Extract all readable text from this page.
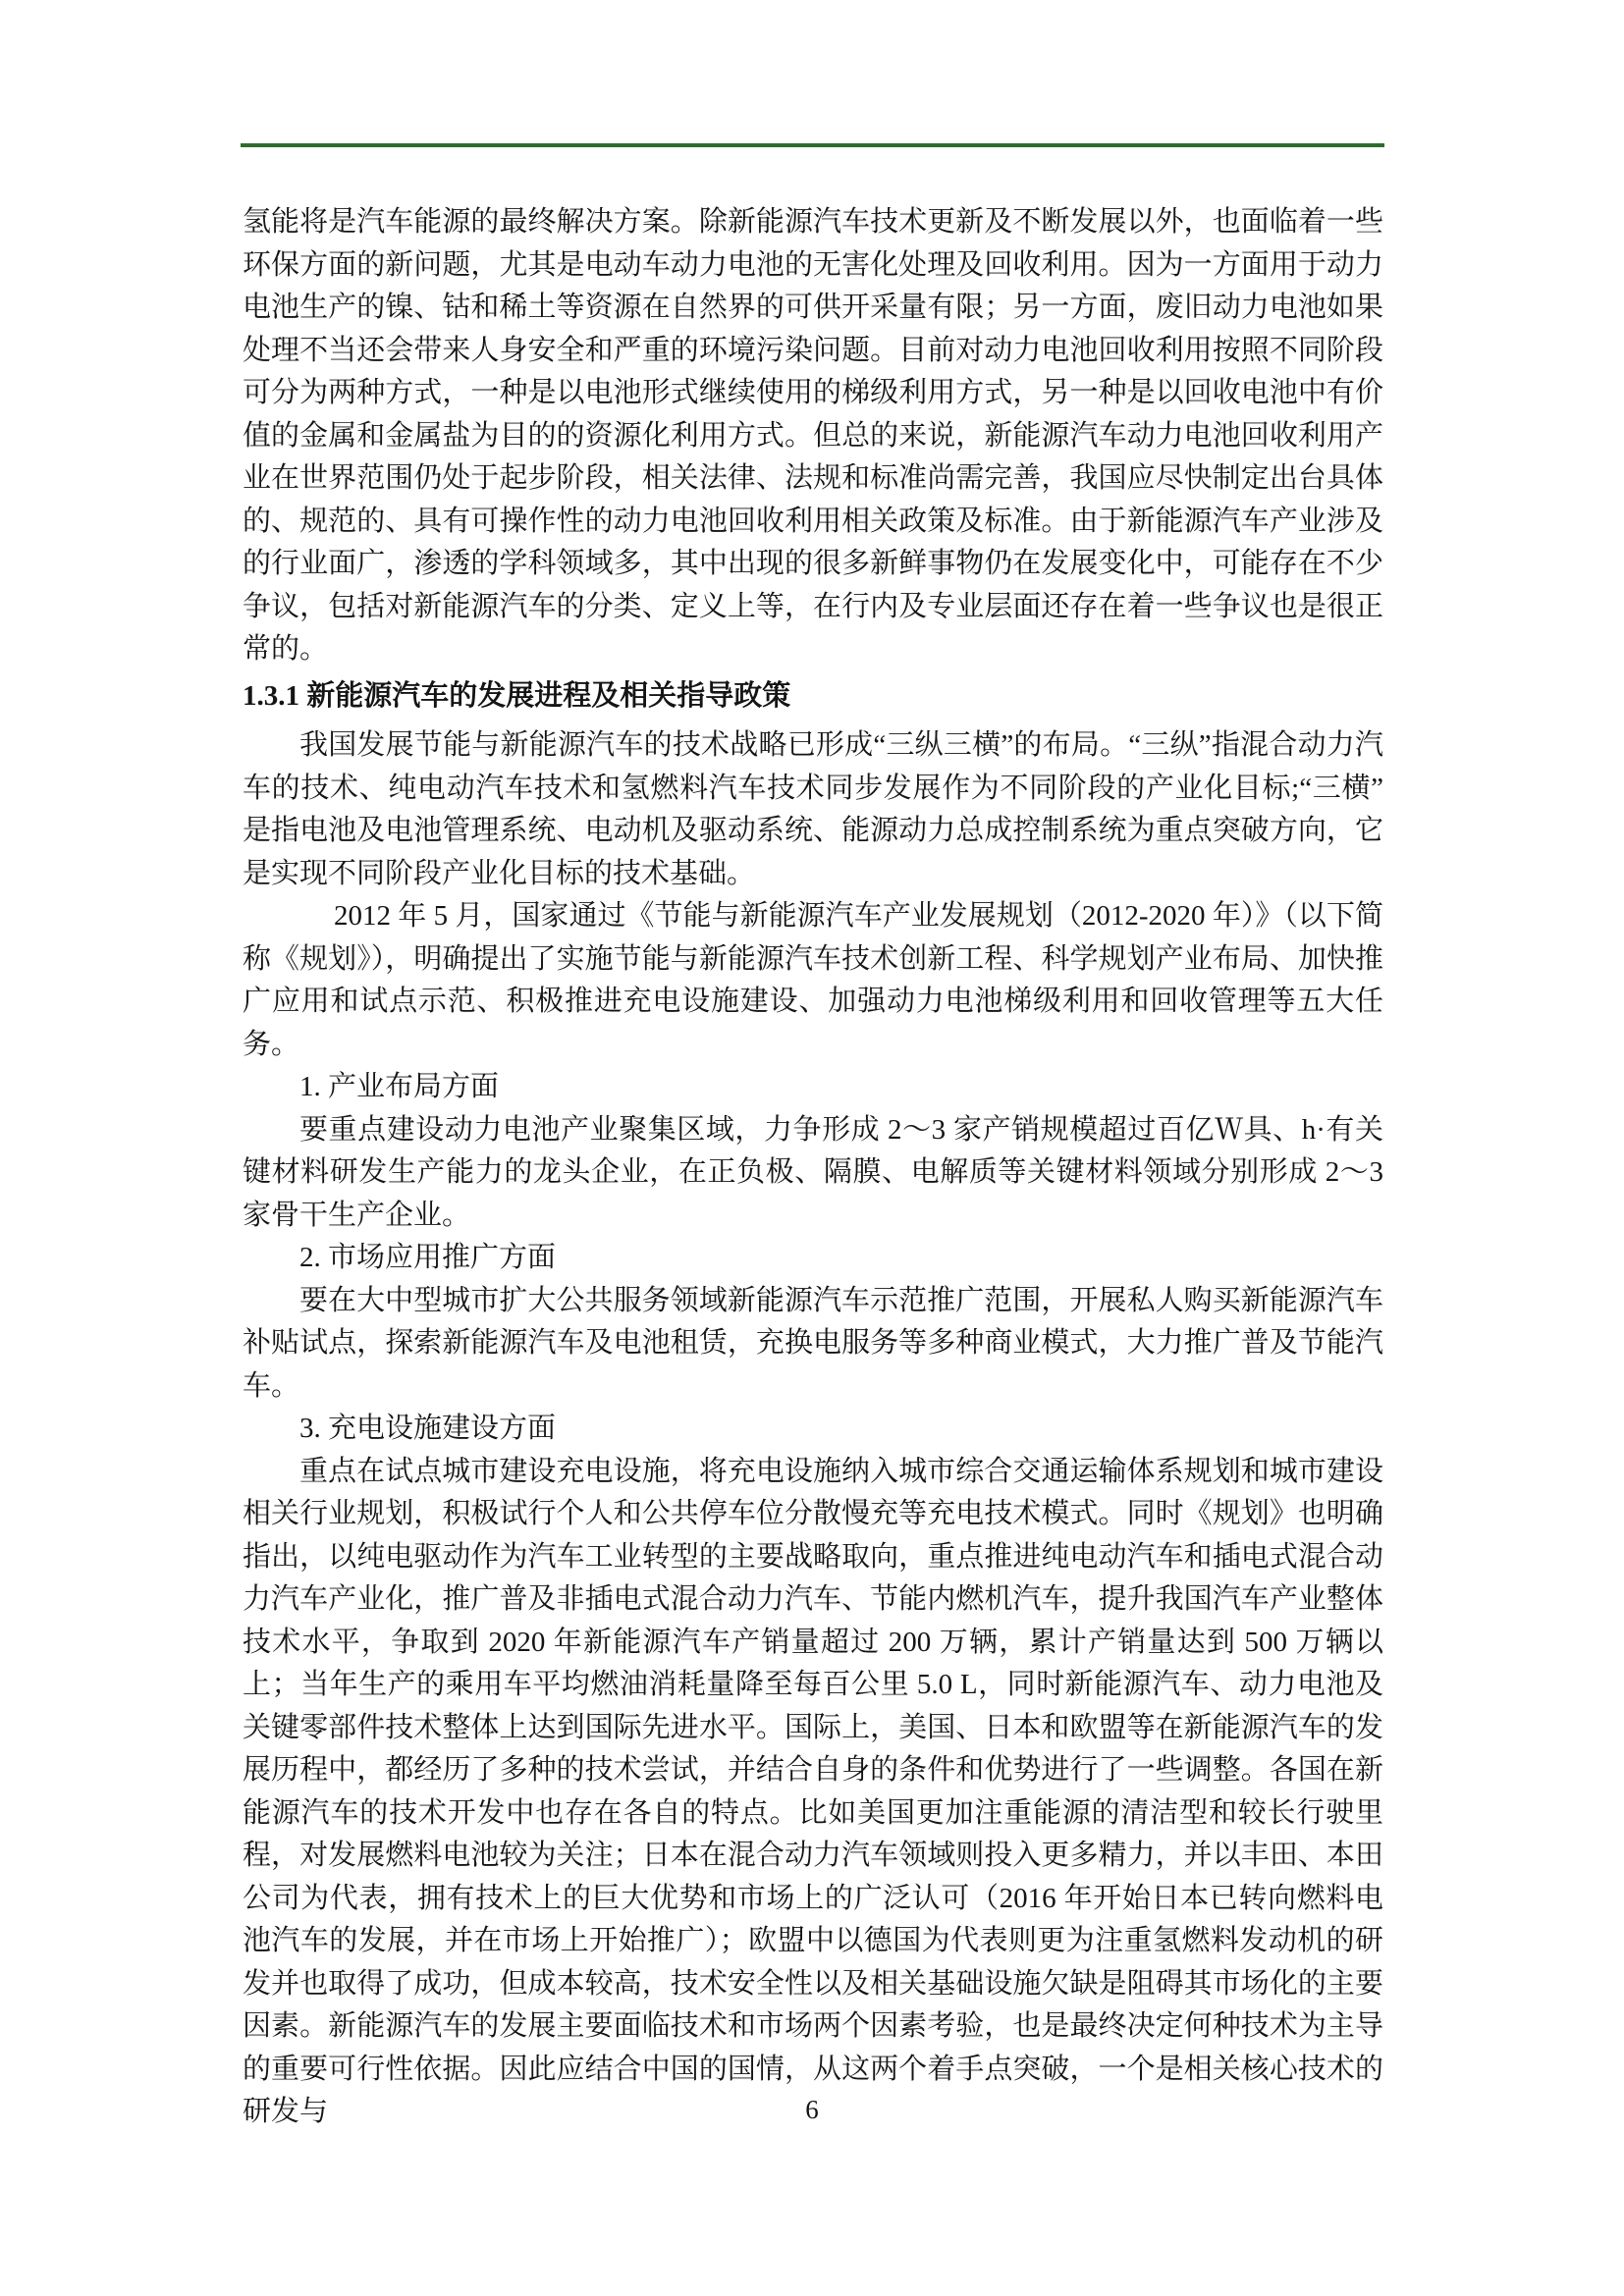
氢能将是汽车能源的最终解决方案。除新能源汽车技术更新及不断发展以外，也面临着一些环保方面的新问题，尤其是电动车动力电池的无害化处理及回收利用。因为一方面用于动力电池生产的镍、钴和稀土等资源在自然界的可供开采量有限；另一方面，废旧动力电池如果处理不当还会带来人身安全和严重的环境污染问题。目前对动力电池回收利用按照不同阶段可分为两种方式，一种是以电池形式继续使用的梯级利用方式，另一种是以回收电池中有价值的金属和金属盐为目的的资源化利用方式。但总的来说，新能源汽车动力电池回收利用产业在世界范围仍处于起步阶段，相关法律、法规和标准尚需完善，我国应尽快制定出台具体的、规范的、具有可操作性的动力电池回收利用相关政策及标准。由于新能源汽车产业涉及的行业面广，渗透的学科领域多，其中出现的很多新鲜事物仍在发展变化中，可能存在不少争议，包括对新能源汽车的分类、定义上等，在行内及专业层面还存在着一些争议也是很正常的。

1.3.1 新能源汽车的发展进程及相关指导政策

我国发展节能与新能源汽车的技术战略已形成“三纵三横”的布局。“三纵”指混合动力汽车的技术、纯电动汽车技术和氢燃料汽车技术同步发展作为不同阶段的产业化目标;“三横”是指电池及电池管理系统、电动机及驱动系统、能源动力总成控制系统为重点突破方向，它是实现不同阶段产业化目标的技术基础。

2012 年 5 月，国家通过《节能与新能源汽车产业发展规划（2012-2020 年）》（以下简称《规划》），明确提出了实施节能与新能源汽车技术创新工程、科学规划产业布局、加快推广应用和试点示范、积极推进充电设施建设、加强动力电池梯级利用和回收管理等五大任务。

1. 产业布局方面

要重点建设动力电池产业聚集区域，力争形成 2～3 家产销规模超过百亿Ｗ具、h·有关键材料研发生产能力的龙头企业，在正负极、隔膜、电解质等关键材料领域分别形成 2～3 家骨干生产企业。

2. 市场应用推广方面

要在大中型城市扩大公共服务领域新能源汽车示范推广范围，开展私人购买新能源汽车补贴试点，探索新能源汽车及电池租赁，充换电服务等多种商业模式，大力推广普及节能汽车。

3. 充电设施建设方面

重点在试点城市建设充电设施，将充电设施纳入城市综合交通运输体系规划和城市建设相关行业规划，积极试行个人和公共停车位分散慢充等充电技术模式。同时《规划》也明确指出，以纯电驱动作为汽车工业转型的主要战略取向，重点推进纯电动汽车和插电式混合动力汽车产业化，推广普及非插电式混合动力汽车、节能内燃机汽车，提升我国汽车产业整体技术水平，争取到 2020 年新能源汽车产销量超过 200 万辆，累计产销量达到 500 万辆以上；当年生产的乘用车平均燃油消耗量降至每百公里 5.0 L，同时新能源汽车、动力电池及关键零部件技术整体上达到国际先进水平。国际上，美国、日本和欧盟等在新能源汽车的发展历程中，都经历了多种的技术尝试，并结合自身的条件和优势进行了一些调整。各国在新能源汽车的技术开发中也存在各自的特点。比如美国更加注重能源的清洁型和较长行驶里程，对发展燃料电池较为关注；日本在混合动力汽车领域则投入更多精力，并以丰田、本田公司为代表，拥有技术上的巨大优势和市场上的广泛认可（2016 年开始日本已转向燃料电池汽车的发展，并在市场上开始推广）；欧盟中以德国为代表则更为注重氢燃料发动机的研发并也取得了成功，但成本较高，技术安全性以及相关基础设施欠缺是阻碍其市场化的主要因素。新能源汽车的发展主要面临技术和市场两个因素考验，也是最终决定何种技术为主导的重要可行性依据。因此应结合中国的国情，从这两个着手点突破，一个是相关核心技术的研发与	6
